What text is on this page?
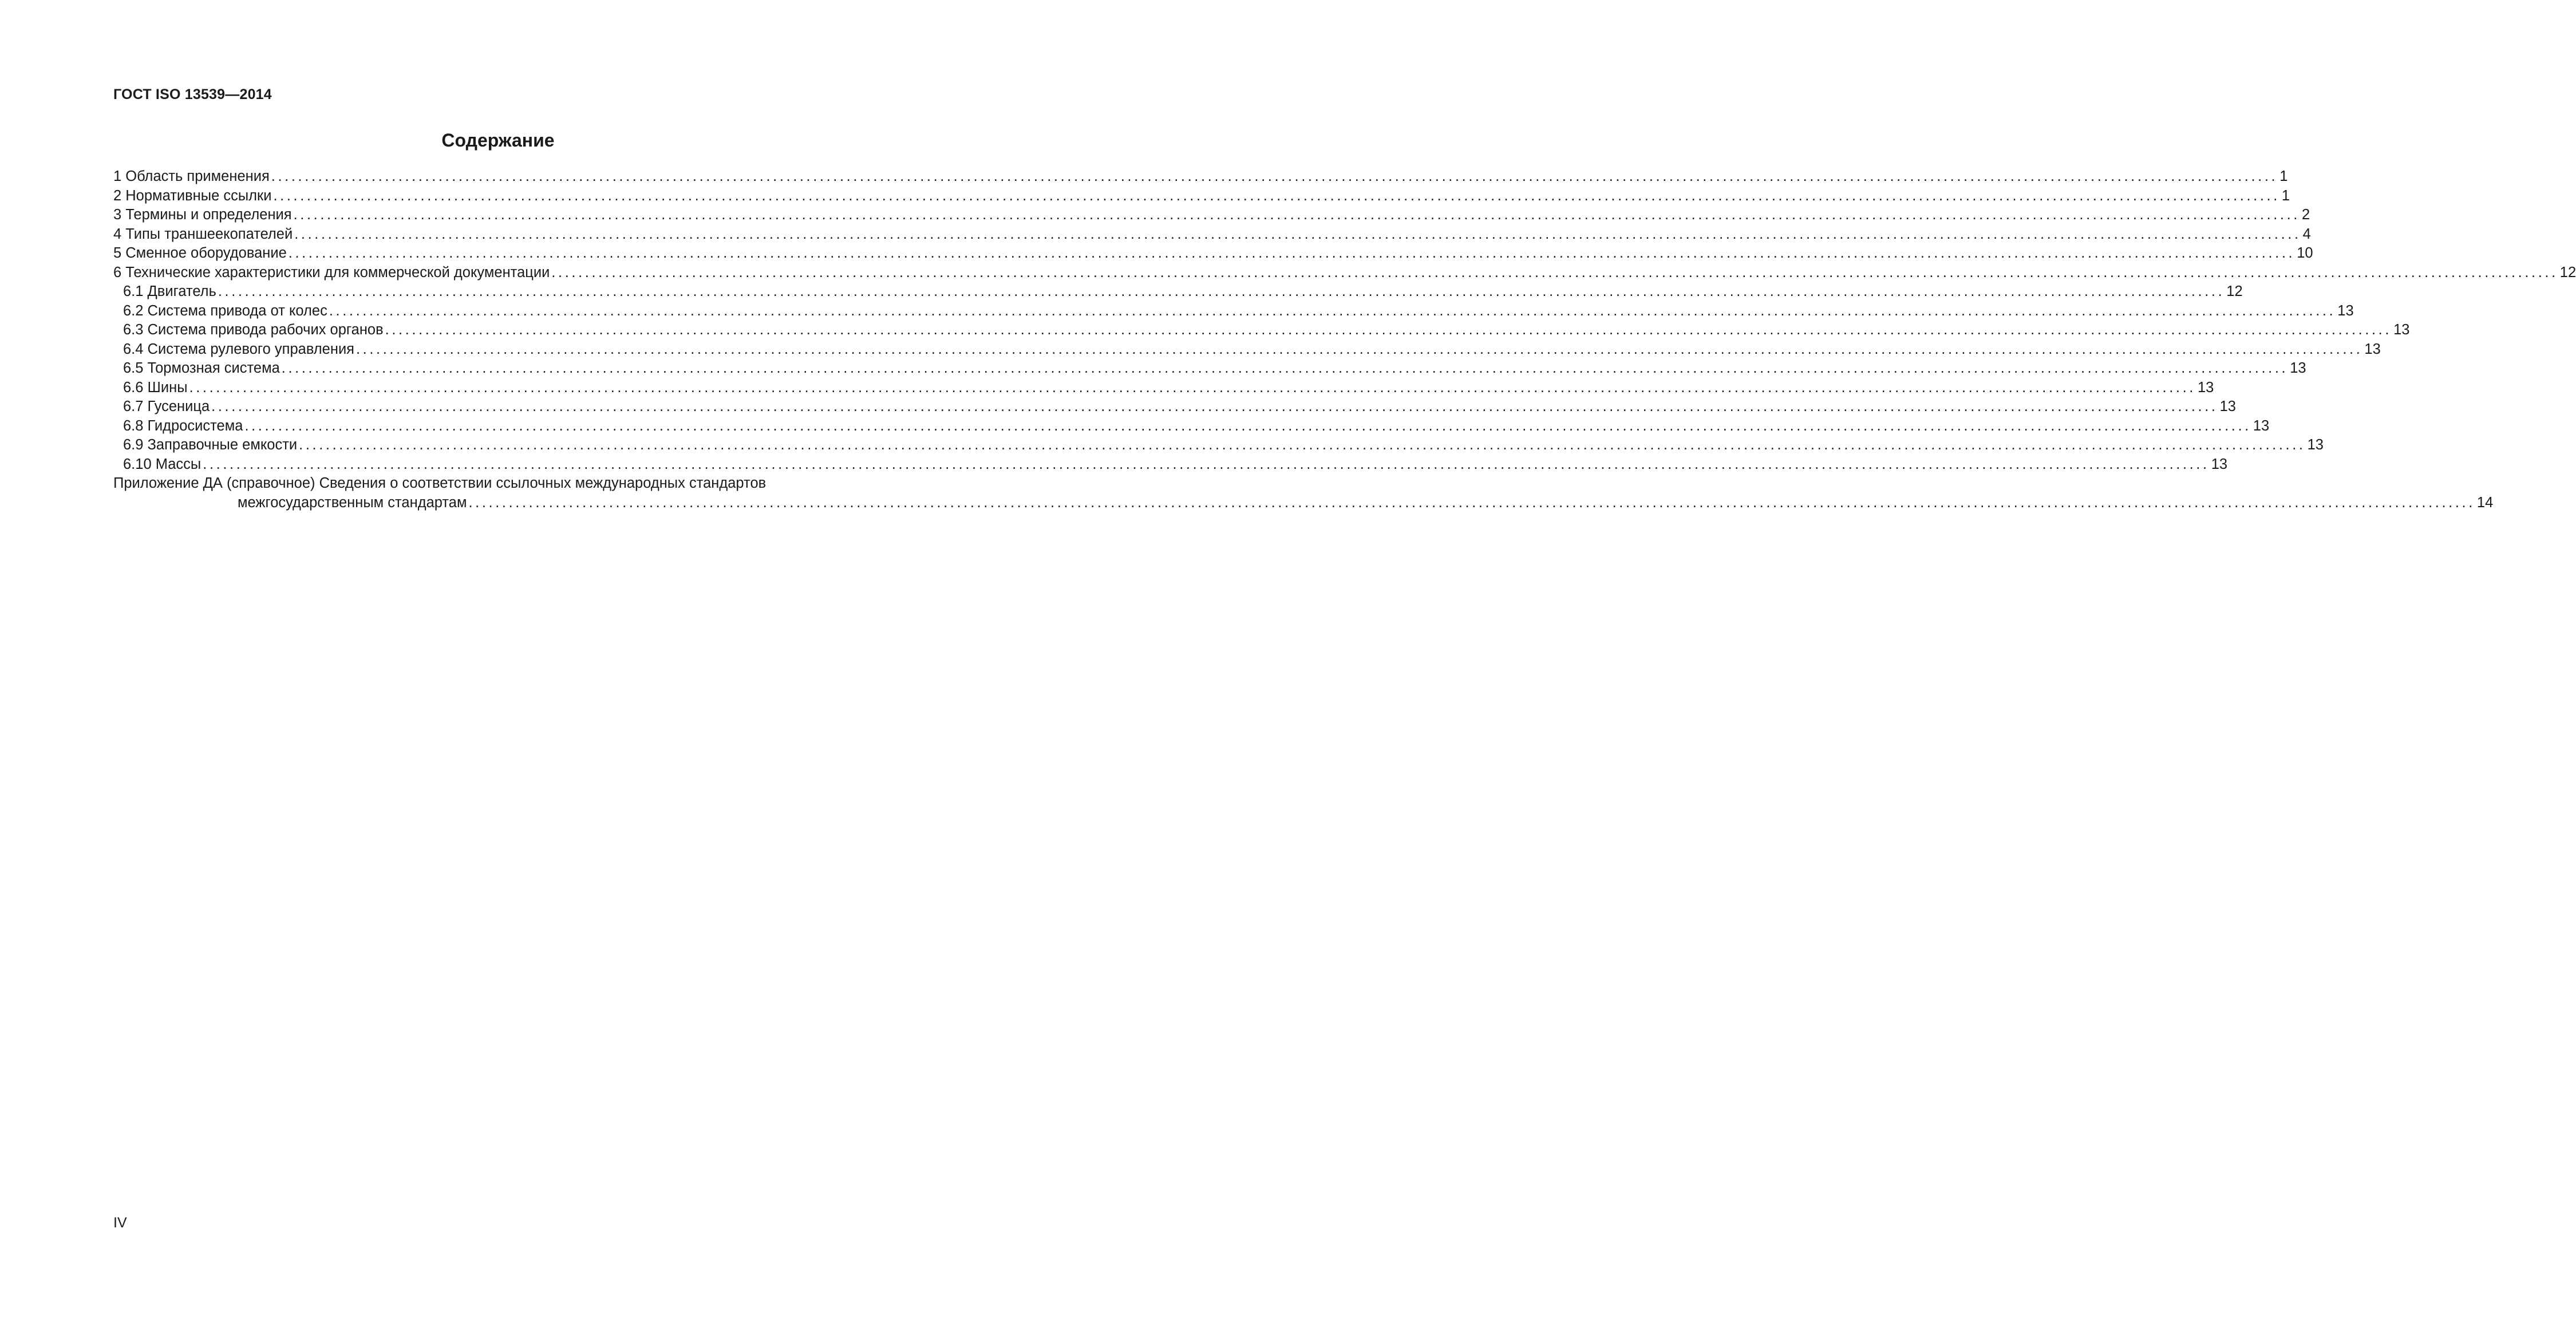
ГОСТ ISO 13539—2014
Содержание
1 Область применения ............................................................................................................................................................................................................................................................................................................ 1
2 Нормативные ссылки ............................................................................................................................................................................................................................................................................................................ 1
3 Термины и определения ............................................................................................................................................................................................................................................................................................................ 2
4 Типы траншеекопателей ............................................................................................................................................................................................................................................................................................................ 4
5 Сменное оборудование ............................................................................................................................................................................................................................................................................................................ 10
6 Технические характеристики для коммерческой документации ............................................................................................................................................................................................................................................................................................................ 12
6.1 Двигатель ............................................................................................................................................................................................................................................................................................................ 12
6.2 Система привода от колес ............................................................................................................................................................................................................................................................................................................ 13
6.3 Система привода рабочих органов ............................................................................................................................................................................................................................................................................................................ 13
6.4 Система рулевого управления ............................................................................................................................................................................................................................................................................................................ 13
6.5 Тормозная система ............................................................................................................................................................................................................................................................................................................ 13
6.6 Шины ............................................................................................................................................................................................................................................................................................................ 13
6.7 Гусеница ............................................................................................................................................................................................................................................................................................................ 13
6.8 Гидросистема ............................................................................................................................................................................................................................................................................................................ 13
6.9 Заправочные емкости ............................................................................................................................................................................................................................................................................................................ 13
6.10 Массы ............................................................................................................................................................................................................................................................................................................ 13
Приложение ДА (справочное) Сведения о соответствии ссылочных международных стандартов
межгосударственным стандартам ............................................................................................................................................................................................................................................................................................................ 14
IV
